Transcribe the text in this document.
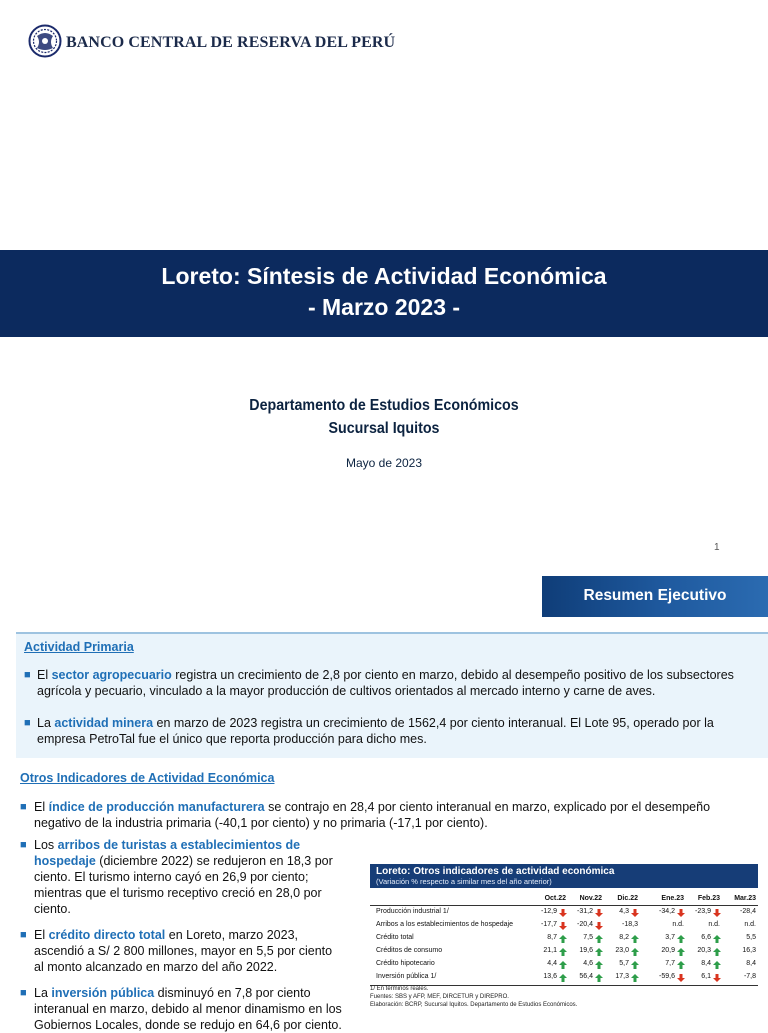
BANCO CENTRAL DE RESERVA DEL PERÚ
Loreto: Síntesis de Actividad Económica
- Marzo 2023 -
Departamento de Estudios Económicos
Sucursal Iquitos
Mayo de 2023
1
Resumen Ejecutivo
Actividad Primaria
■ El sector agropecuario registra un crecimiento de 2,8 por ciento en marzo, debido al desempeño positivo de los subsectores
agrícola y pecuario, vinculado a la mayor producción de cultivos orientados al mercado interno y carne de aves.
■ La actividad minera en marzo de 2023 registra un crecimiento de 1562,4 por ciento interanual. El Lote 95, operado por la
empresa PetroTal fue el único que reporta producción para dicho mes.
Otros Indicadores de Actividad Económica
■ El índice de producción manufacturera se contrajo en 28,4 por ciento interanual en marzo, explicado por el desempeño
negativo de la industria primaria (-40,1 por ciento) y no primaria (-17,1 por ciento).
■ Los arribos de turistas a establecimientos de
hospedaje (diciembre 2022) se redujeron en 18,3 por
ciento. El turismo interno cayó en 26,9 por ciento;
mientras que el turismo receptivo creció en 28,0 por
ciento.
■ El crédito directo total en Loreto, marzo 2023,
ascendió a S/ 2 800 millones, mayor en 5,5 por ciento
al monto alcanzado en marzo del año 2022.
■ La inversión pública disminuyó en 7,8 por ciento
interanual en marzo, debido al menor dinamismo en los
Gobiernos Locales, donde se redujo en 64,6 por ciento.
Loreto: Otros indicadores de actividad económica
(Variación % respecto a similar mes del año anterior)
Oct.22	Nov.22	Dic.22	Ene.23	Feb.23	Mar.23
Producción industrial 1/	-12,9	-31,2	4,3	-34,2	-23,9	-28,4
Arribos a los establecimientos de hospedaje	-17,7	-20,4	-18,3	n.d.	n.d.	n.d.
Crédito total	8,7	7,5	8,2	3,7	6,6	5,5
Créditos de consumo	21,1	19,6	23,0	20,9	20,3	16,3
Crédito hipotecario	4,4	4,6	5,7	7,7	8,4	8,4
Inversión pública 1/	13,6	56,4	17,3	-59,6	6,1	-7,8
1/ En términos reales.
Fuentes: SBS y AFP, MEF, DIRCETUR y DIREPRO.
Elaboración: BCRP, Sucursal Iquitos. Departamento de Estudios Económicos.
